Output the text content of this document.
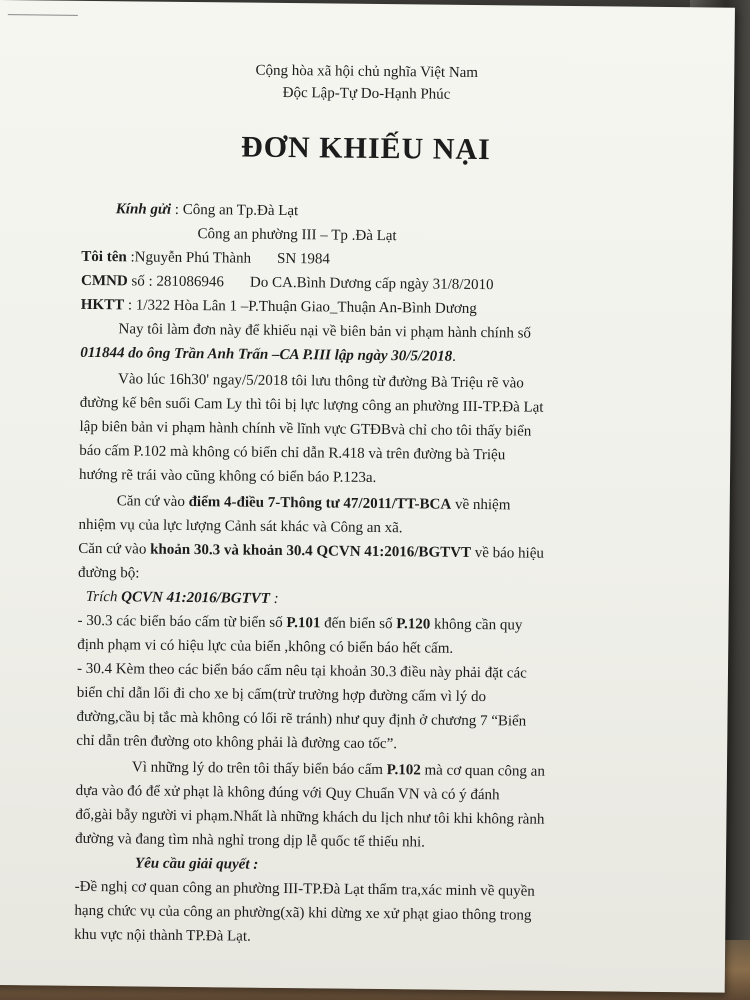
Cộng hòa xã hội chủ nghĩa Việt Nam
Độc Lập-Tự Do-Hạnh Phúc
ĐƠN KHIẾU NẠI
Kính gửi : Công an Tp.Đà Lạt
Công an phường III – Tp .Đà Lạt
Tôi tên :Nguyễn Phú Thành SN 1984
CMND số : 281086946 Do CA.Bình Dương cấp ngày 31/8/2010
HKTT : 1/322 Hòa Lân 1 –P.Thuận Giao_Thuận An-Bình Dương
Nay tôi làm đơn này để khiếu nại về biên bản vi phạm hành chính số
011844 do ông Trần Anh Trấn –CA P.III lập ngày 30/5/2018.
Vào lúc 16h30' ngay/5/2018 tôi lưu thông từ đường Bà Triệu rẽ vào
đường kế bên suối Cam Ly thì tôi bị lực lượng công an phường III-TP.Đà Lạt
lập biên bản vi phạm hành chính về lĩnh vực GTĐBvà chỉ cho tôi thấy biển
báo cấm P.102 mà không có biển chỉ dẫn R.418 và trên đường bà Triệu
hướng rẽ trái vào cũng không có biển báo P.123a.
Căn cứ vào điểm 4-điều 7-Thông tư 47/2011/TT-BCA về nhiệm
nhiệm vụ của lực lượng Cảnh sát khác và Công an xã.
Căn cứ vào khoản 30.3 và khoản 30.4 QCVN 41:2016/BGTVT về báo hiệu
đường bộ:
Trích QCVN 41:2016/BGTVT :
- 30.3 các biển báo cấm từ biển số P.101 đến biển số P.120 không cần quy
định phạm vi có hiệu lực của biển ,không có biển báo hết cấm.
- 30.4 Kèm theo các biển báo cấm nêu tại khoản 30.3 điều này phải đặt các
biển chỉ dẫn lối đi cho xe bị cấm(trừ trường hợp đường cấm vì lý do
đường,cầu bị tắc mà không có lối rẽ tránh) như quy định ở chương 7 “Biển
chỉ dẫn trên đường oto không phải là đường cao tốc”.
Vì những lý do trên tôi thấy biển báo cấm P.102 mà cơ quan công an
dựa vào đó để xử phạt là không đúng với Quy Chuẩn VN và có ý đánh
đố,gài bẫy người vi phạm.Nhất là những khách du lịch như tôi khi không rành
đường và đang tìm nhà nghỉ trong dịp lễ quốc tế thiếu nhi.
Yêu cầu giải quyết :
-Đề nghị cơ quan công an phường III-TP.Đà Lạt thẩm tra,xác minh về quyền
hạng chức vụ của công an phường(xã) khi dừng xe xử phạt giao thông trong
khu vực nội thành TP.Đà Lạt.
